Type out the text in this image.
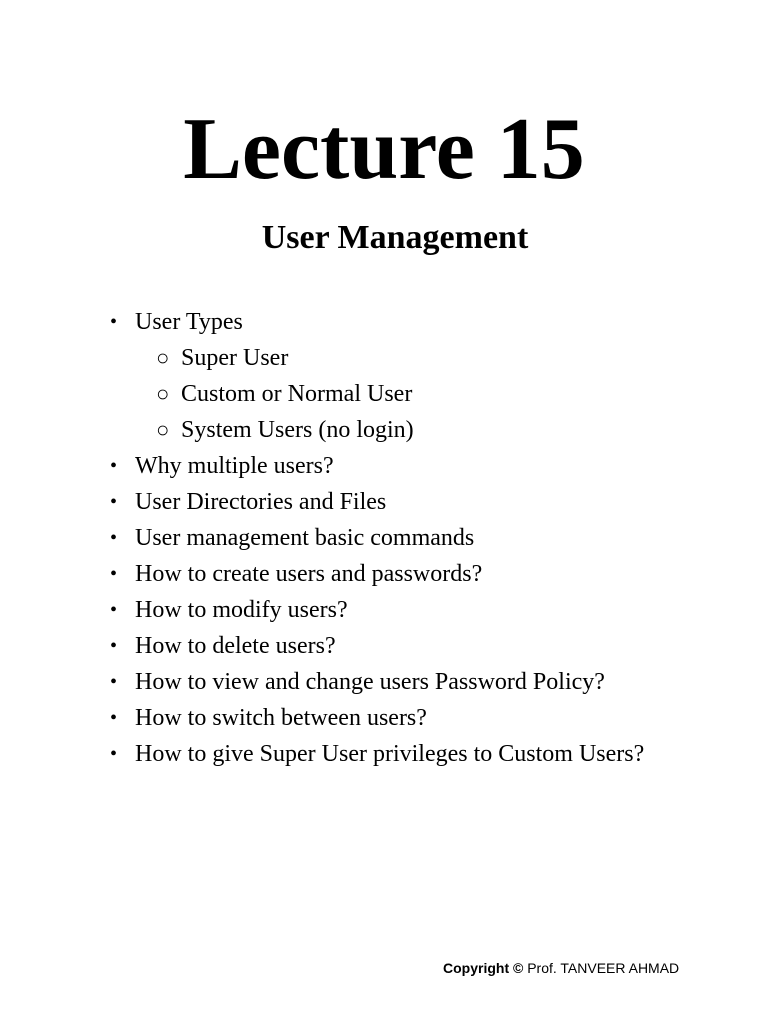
Lecture 15
User Management
• User Types
○ Super User
○ Custom or Normal User
○ System Users (no login)
• Why multiple users?
• User Directories and Files
• User management basic commands
• How to create users and passwords?
• How to modify users?
• How to delete users?
• How to view and change users Password Policy?
• How to switch between users?
• How to give Super User privileges to Custom Users?
Copyright © Prof. TANVEER AHMAD
